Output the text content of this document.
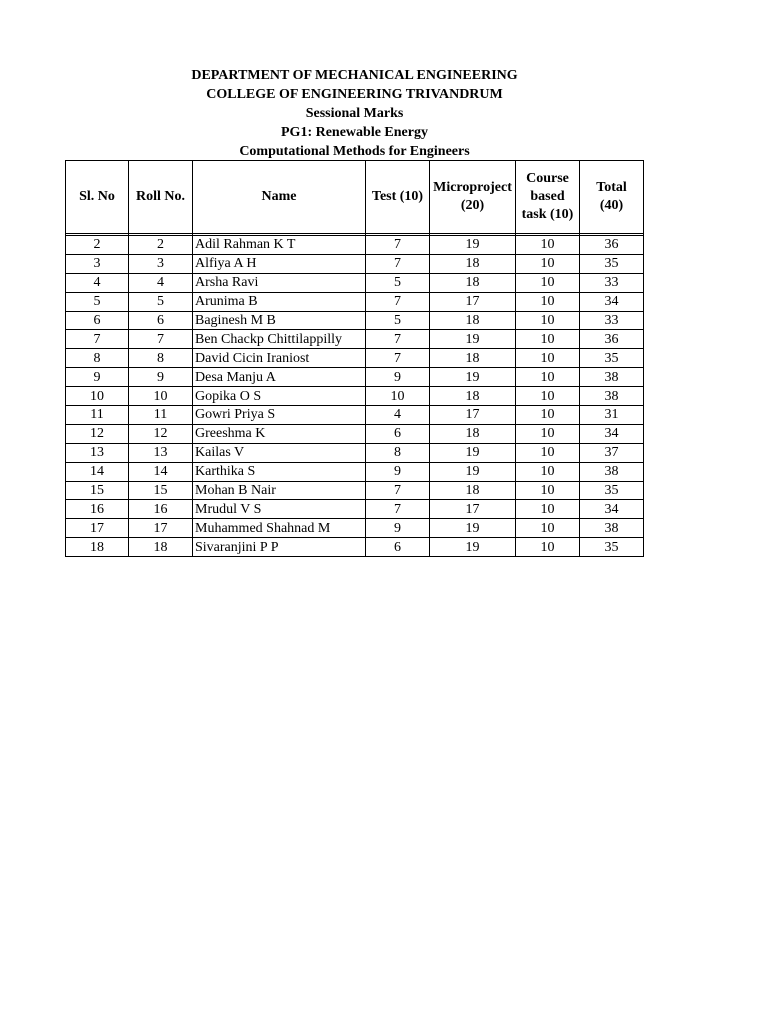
DEPARTMENT OF MECHANICAL ENGINEERING
COLLEGE OF ENGINEERING TRIVANDRUM
Sessional Marks
PG1: Renewable Energy
Computational Methods for Engineers
Sl. No	Roll No.	Name	Test (10)	Microproject (20)	Course based task (10)	Total (40)

2	2	Adil Rahman K T	7	19	10	36
3	3	Alfiya A H	7	18	10	35
4	4	Arsha Ravi	5	18	10	33
5	5	Arunima B	7	17	10	34
6	6	Baginesh M B	5	18	10	33
7	7	Ben Chackp Chittilappilly	7	19	10	36
8	8	David Cicin Iraniost	7	18	10	35
9	9	Desa Manju A	9	19	10	38
10	10	Gopika O S	10	18	10	38
11	11	Gowri Priya S	4	17	10	31
12	12	Greeshma K	6	18	10	34
13	13	Kailas V	8	19	10	37
14	14	Karthika S	9	19	10	38
15	15	Mohan B Nair	7	18	10	35
16	16	Mrudul V S	7	17	10	34
17	17	Muhammed Shahnad M	9	19	10	38
18	18	Sivaranjini P P	6	19	10	35
